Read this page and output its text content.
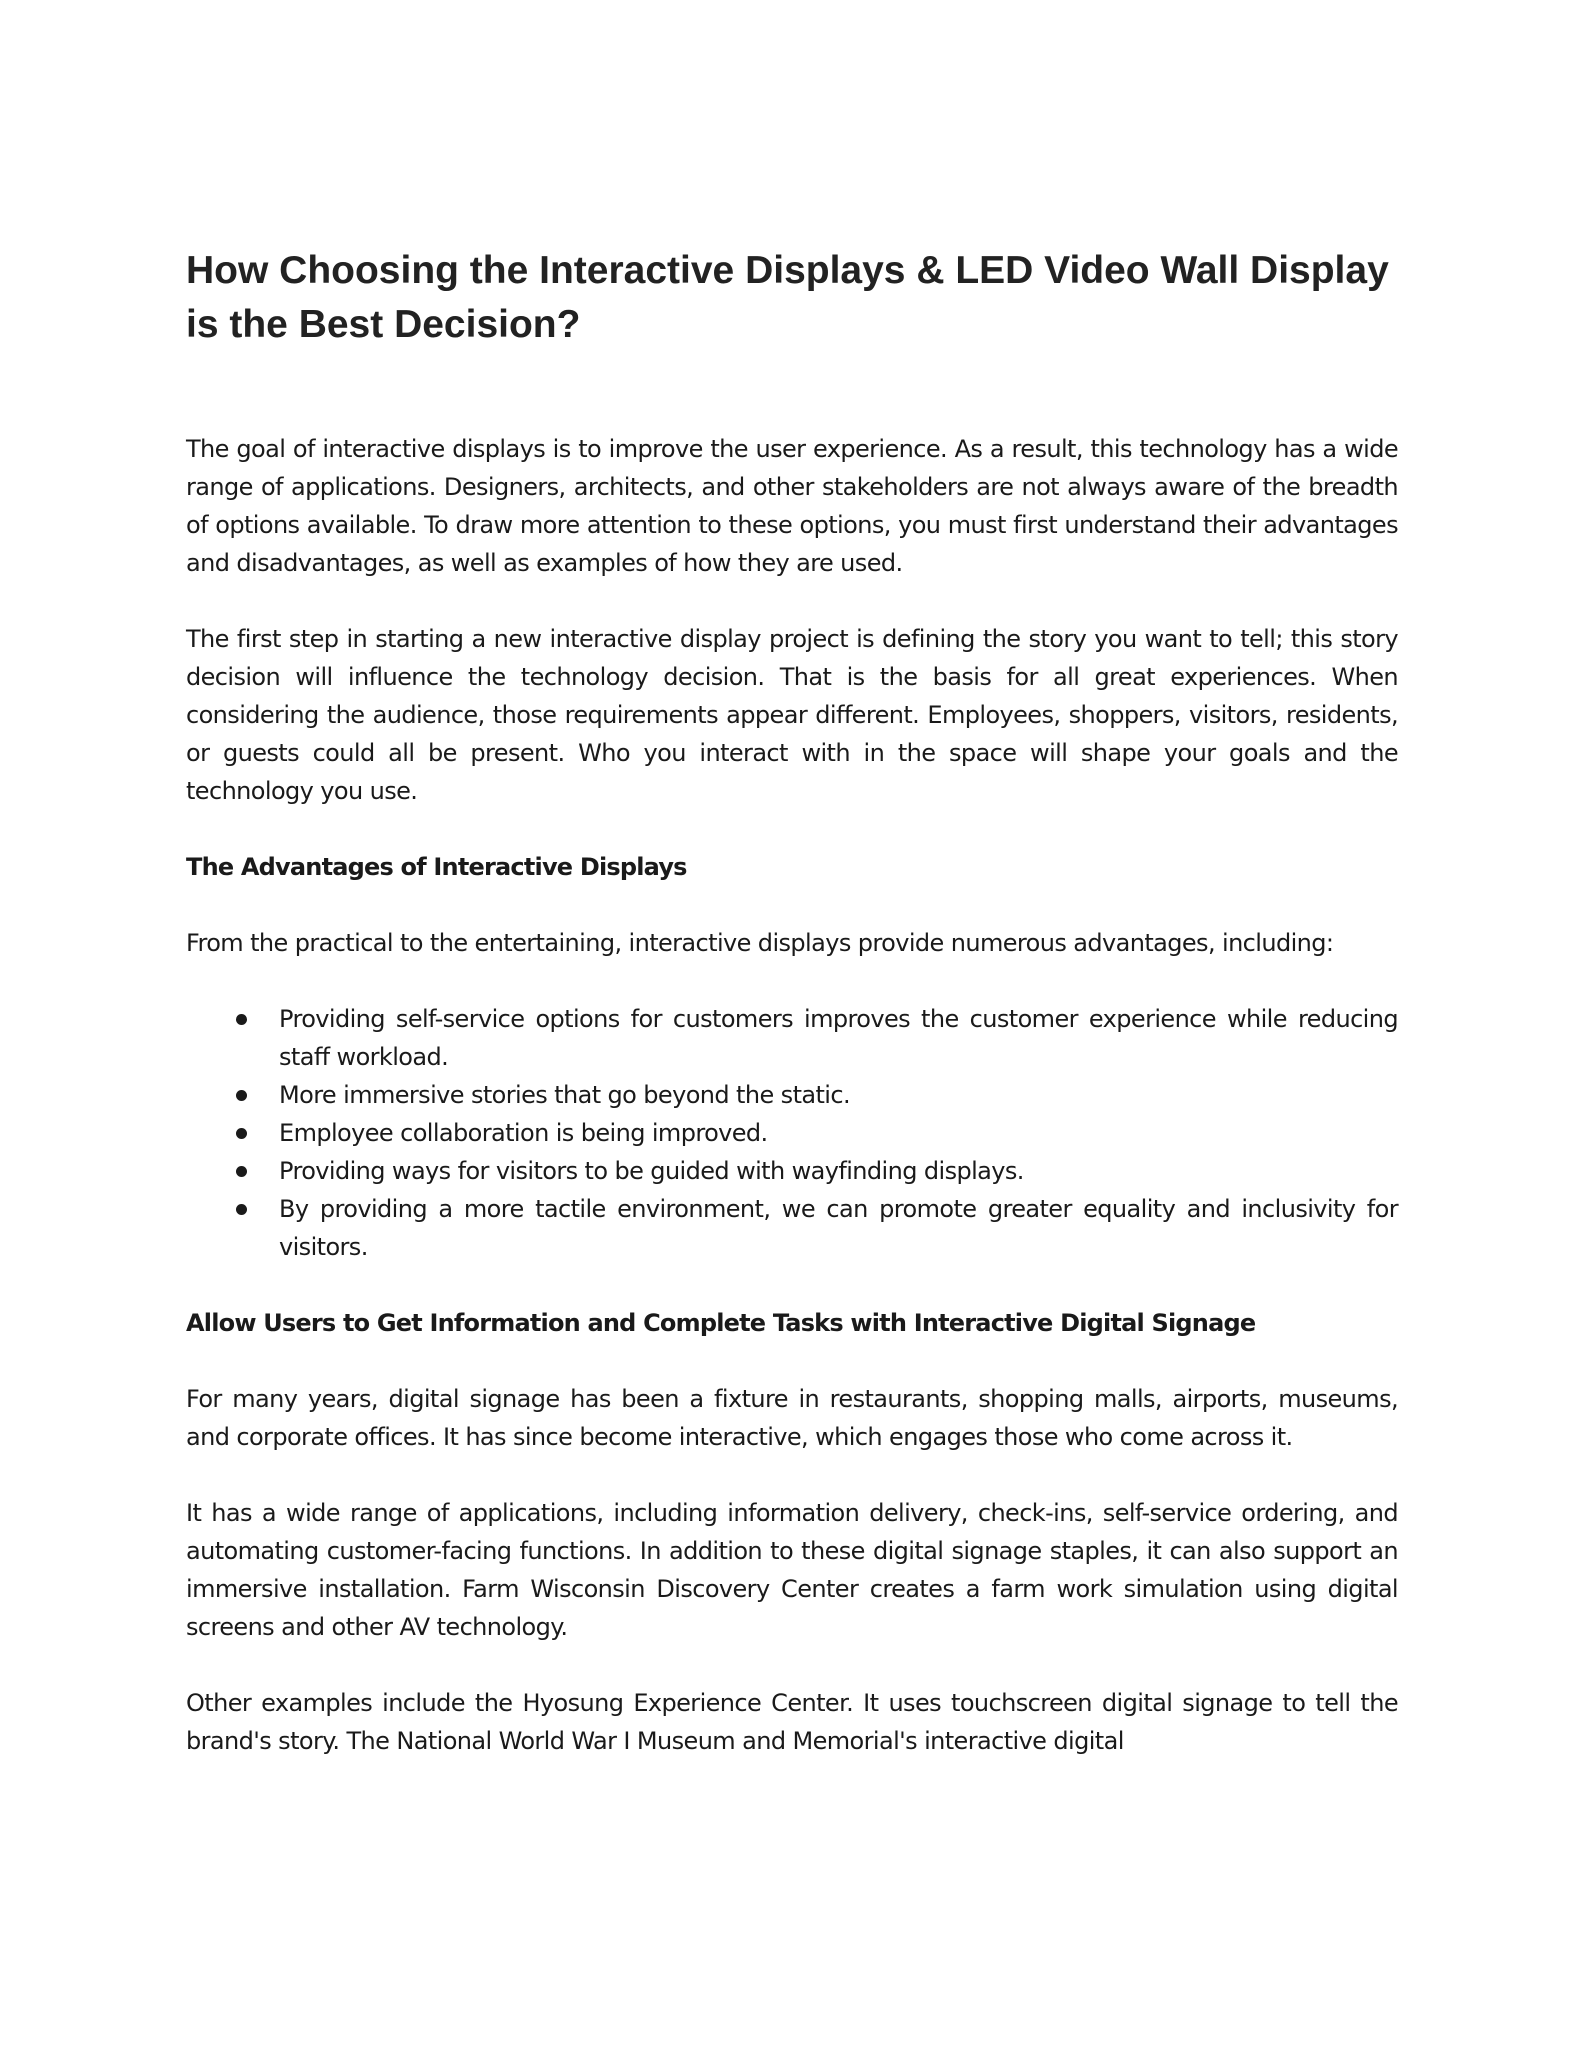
How Choosing the Interactive Displays & LED Video Wall Display is the Best Decision?

The goal of interactive displays is to improve the user experience. As a result, this technology has a wide range of applications. Designers, architects, and other stakeholders are not always aware of the breadth of options available. To draw more attention to these options, you must first understand their advantages and disadvantages, as well as examples of how they are used.

The first step in starting a new interactive display project is defining the story you want to tell; this story decision will influence the technology decision. That is the basis for all great experiences. When considering the audience, those requirements appear different. Employees, shoppers, visitors, residents, or guests could all be present. Who you interact with in the space will shape your goals and the technology you use.

The Advantages of Interactive Displays

From the practical to the entertaining, interactive displays provide numerous advantages, including:

Providing self-service options for customers improves the customer experience while reducing staff workload.
More immersive stories that go beyond the static.
Employee collaboration is being improved.
Providing ways for visitors to be guided with wayfinding displays.
By providing a more tactile environment, we can promote greater equality and inclusivity for visitors.
Allow Users to Get Information and Complete Tasks with Interactive Digital Signage

For many years, digital signage has been a fixture in restaurants, shopping malls, airports, museums, and corporate offices. It has since become interactive, which engages those who come across it.

It has a wide range of applications, including information delivery, check-ins, self-service ordering, and automating customer-facing functions. In addition to these digital signage staples, it can also support an immersive installation. Farm Wisconsin Discovery Center creates a farm work simulation using digital screens and other AV technology.

Other examples include the Hyosung Experience Center. It uses touchscreen digital signage to tell the brand's story. The National World War I Museum and Memorial's interactive digital
